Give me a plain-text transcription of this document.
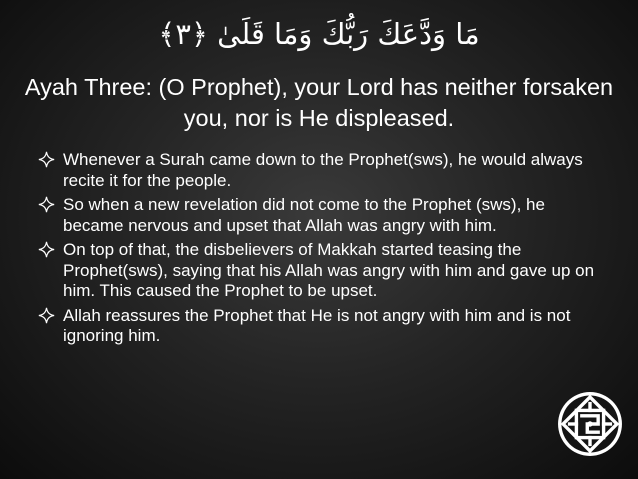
مَا وَدَّعَكَ رَبُّكَ وَمَا قَلَىٰ ﴿٣﴾
Ayah Three: (O Prophet), your Lord has neither forsaken you, nor is He displeased.
Whenever a Surah came down to the Prophet(sws), he would always recite it for the people.
So when a new revelation did not come to the Prophet (sws), he became nervous and upset that Allah was angry with him.
On top of that, the disbelievers of Makkah started teasing the Prophet(sws), saying that his Allah was angry with him and gave up on him. This caused the Prophet to be upset.
Allah reassures the Prophet that He is not angry with him and is not ignoring him.
